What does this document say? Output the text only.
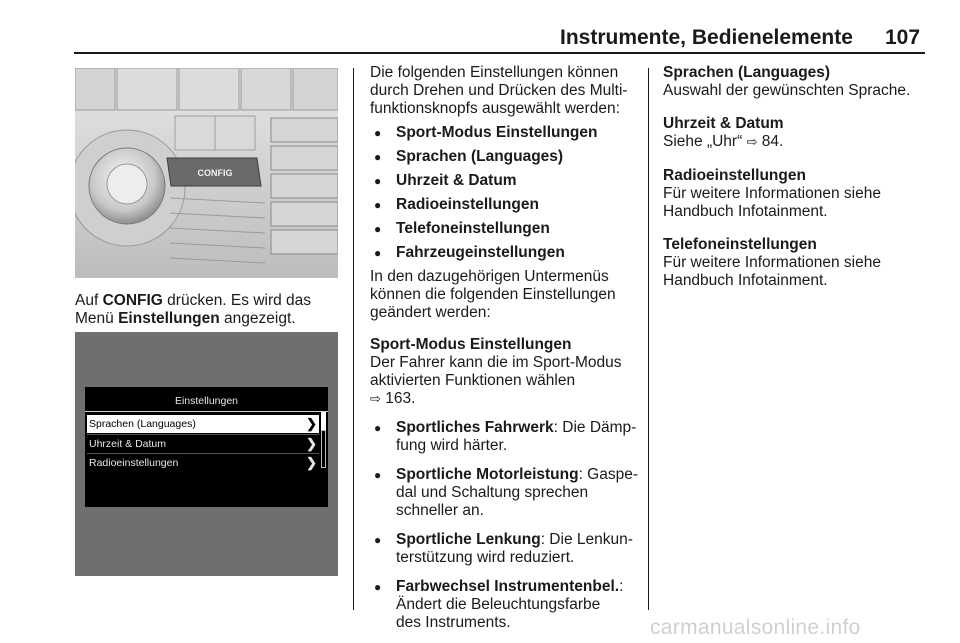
Instrumente, Bedienelemente 107
CONFIG

Auf CONFIG drücken. Es wird das

Menü Einstellungen angezeigt.

Einstellungen
Sprachen (Languages)	❯
Uhrzeit & Datum	❯
Radioeinstellungen	❯

Die folgenden Einstellungen können

durch Drehen und Drücken des Multi-

funktionsknopfs ausgewählt werden:

● Sport-Modus Einstellungen
● Sprachen (Languages)
● Uhrzeit & Datum
● Radioeinstellungen
● Telefoneinstellungen
● Fahrzeugeinstellungen

In den dazugehörigen Untermenüs

können die folgenden Einstellungen

geändert werden:

Sport-Modus Einstellungen

Der Fahrer kann die im Sport-Modus

aktivierten Funktionen wählen

⇨ 163.

● Sportliches Fahrwerk: Die Dämp-
fung wird härter.
● Sportliche Motorleistung: Gaspe-
dal und Schaltung sprechen
schneller an.
● Sportliche Lenkung: Die Lenkun-
terstützung wird reduziert.
● Farbwechsel Instrumentenbel.:
Ändert die Beleuchtungsfarbe
des Instruments.

Sprachen (Languages)

Auswahl der gewünschten Sprache.

Uhrzeit & Datum

Siehe „Uhr“ ⇨ 84.

Radioeinstellungen

Für weitere Informationen siehe

Handbuch Infotainment.

Telefoneinstellungen

Für weitere Informationen siehe

Handbuch Infotainment.

carmanualsonline.info
